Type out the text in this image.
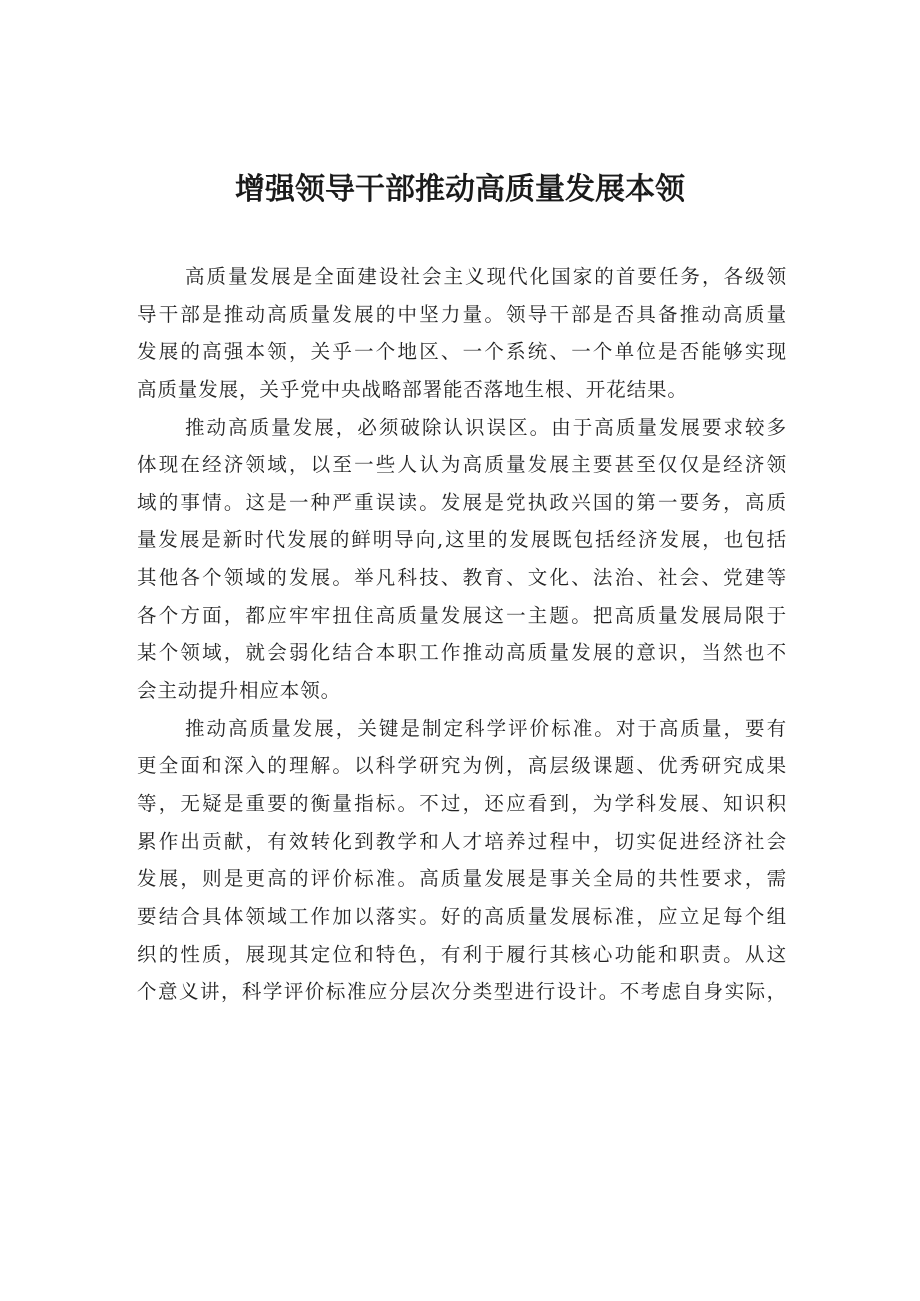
增强领导干部推动高质量发展本领
高质量发展是全面建设社会主义现代化国家的首要任务，各级领
导干部是推动高质量发展的中坚力量。领导干部是否具备推动高质量
发展的高强本领，关乎一个地区、一个系统、一个单位是否能够实现
高质量发展，关乎党中央战略部署能否落地生根、开花结果。
推动高质量发展，必须破除认识误区。由于高质量发展要求较多
体现在经济领域，以至一些人认为高质量发展主要甚至仅仅是经济领
域的事情。这是一种严重误读。发展是党执政兴国的第一要务，高质
量发展是新时代发展的鲜明导向,这里的发展既包括经济发展，也包括
其他各个领域的发展。举凡科技、教育、文化、法治、社会、党建等
各个方面，都应牢牢扭住高质量发展这一主题。把高质量发展局限于
某个领域，就会弱化结合本职工作推动高质量发展的意识，当然也不
会主动提升相应本领。
推动高质量发展，关键是制定科学评价标准。对于高质量，要有
更全面和深入的理解。以科学研究为例，高层级课题、优秀研究成果
等，无疑是重要的衡量指标。不过，还应看到，为学科发展、知识积
累作出贡献，有效转化到教学和人才培养过程中，切实促进经济社会
发展，则是更高的评价标准。高质量发展是事关全局的共性要求，需
要结合具体领域工作加以落实。好的高质量发展标准，应立足每个组
织的性质，展现其定位和特色，有利于履行其核心功能和职责。从这
个意义讲，科学评价标准应分层次分类型进行设计。不考虑自身实际，
